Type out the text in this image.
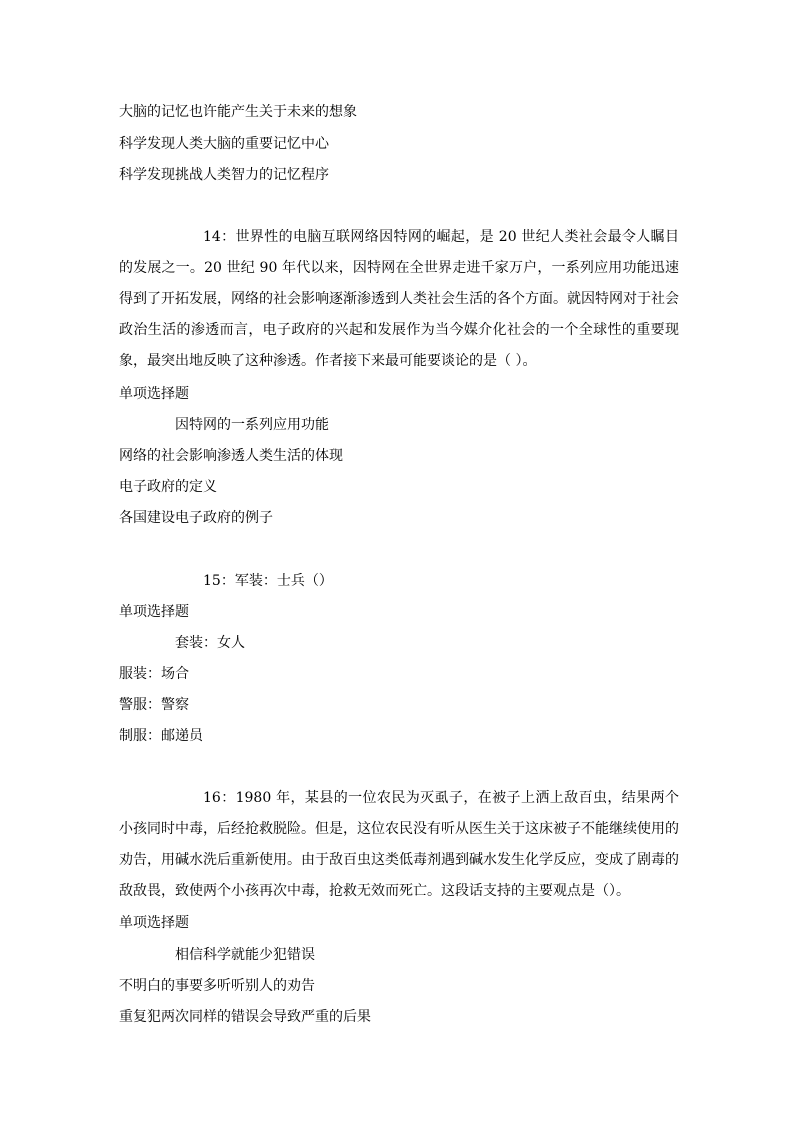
大脑的记忆也许能产生关于未来的想象
科学发现人类大脑的重要记忆中心
科学发现挑战人类智力的记忆程序

14：世界性的电脑互联网络因特网的崛起，是 20 世纪人类社会最令人瞩目的发展之一。20 世纪 90 年代以来，因特网在全世界走进千家万户，一系列应用功能迅速得到了开拓发展，网络的社会影响逐渐渗透到人类社会生活的各个方面。就因特网对于社会政治生活的渗透而言，电子政府的兴起和发展作为当今媒介化社会的一个全球性的重要现象，最突出地反映了这种渗透。作者接下来最可能要谈论的是（ ）。

单项选择题
因特网的一系列应用功能
网络的社会影响渗透人类生活的体现
电子政府的定义
各国建设电子政府的例子
15：军装：士兵（）
单项选择题
套装：女人
服装：场合
警服：警察
制服：邮递员

16：1980 年，某县的一位农民为灭虱子，在被子上洒上敌百虫，结果两个小孩同时中毒，后经抢救脱险。但是，这位农民没有听从医生关于这床被子不能继续使用的劝告，用碱水洗后重新使用。由于敌百虫这类低毒剂遇到碱水发生化学反应，变成了剧毒的敌敌畏，致使两个小孩再次中毒，抢救无效而死亡。这段话支持的主要观点是（）。

单项选择题
相信科学就能少犯错误
不明白的事要多听听别人的劝告
重复犯两次同样的错误会导致严重的后果
